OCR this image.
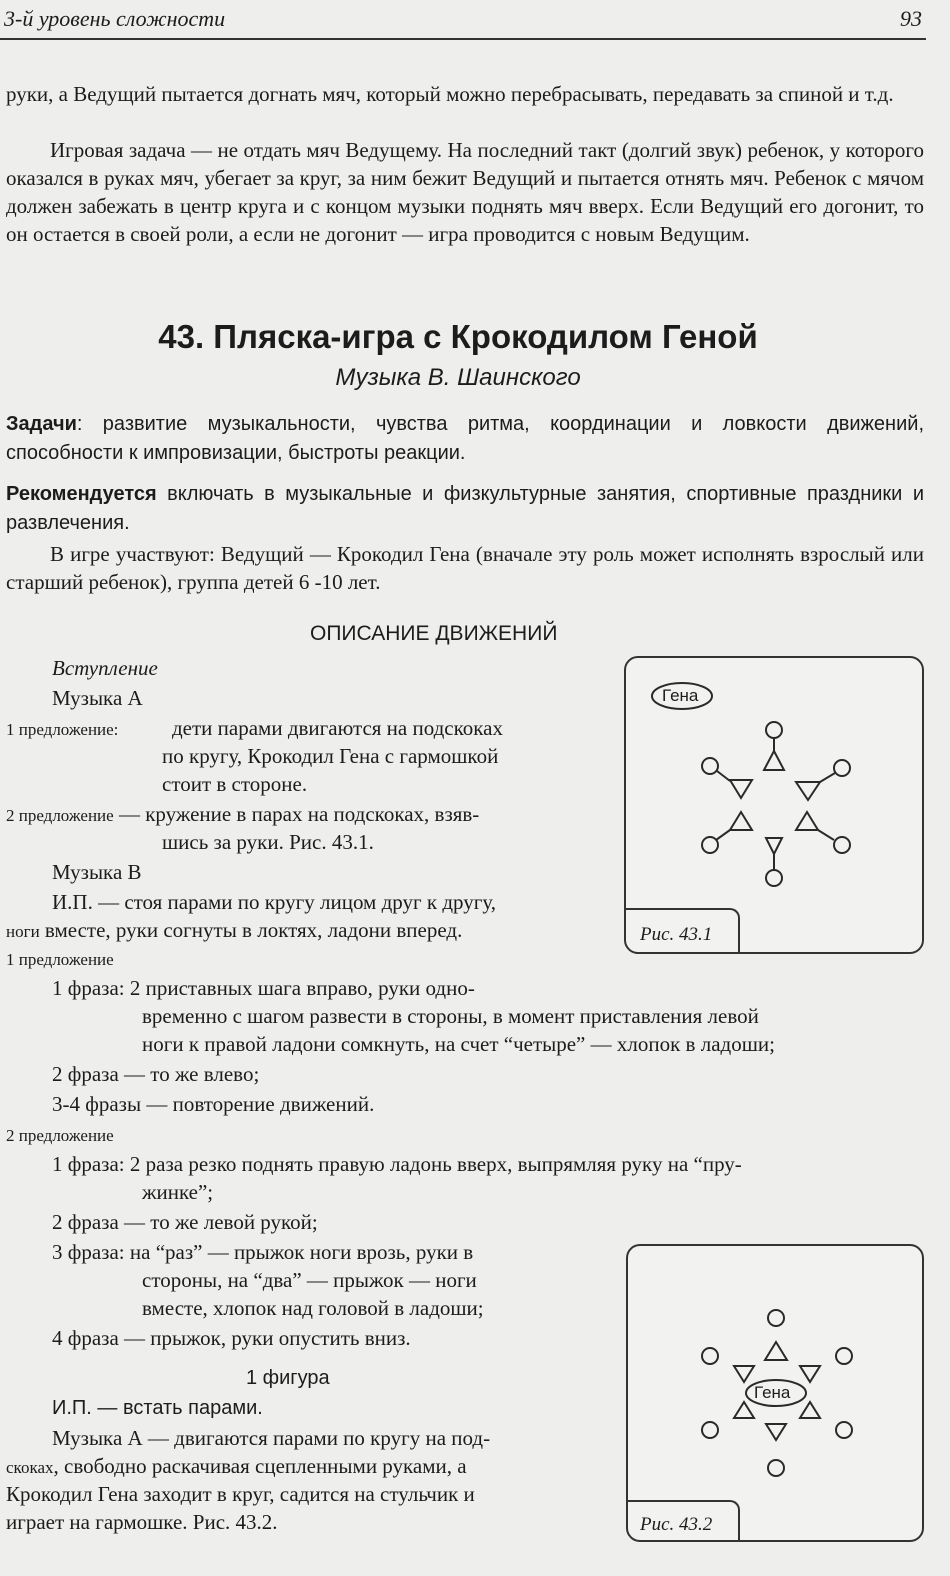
3-й уровень сложности	93
руки, а Ведущий пытается догнать мяч, который можно перебрасывать, передавать за спиной и т.д.
Игровая задача — не отдать мяч Ведущему. На последний такт (долгий звук) ребенок, у которого оказался в руках мяч, убегает за круг, за ним бежит Ведущий и пытается отнять мяч. Ребенок с мячом должен забежать в центр круга и с концом музыки поднять мяч вверх. Если Ведущий его догонит, то он остается в своей роли, а если не догонит — игра проводится с новым Ведущим.
43. Пляска-игра с Крокодилом Геной
Музыка В. Шаинского
Задачи: развитие музыкальности, чувства ритма, координации и ловкости движений, способности к импровизации, быстроты реакции.
Рекомендуется включать в музыкальные и физкультурные занятия, спортивные праздники и развлечения.
В игре участвуют: Ведущий — Крокодил Гена (вначале эту роль может исполнять взрослый или старший ребенок), группа детей 6 -10 лет.
ОПИСАНИЕ ДВИЖЕНИЙ
Вступление
Музыка А
1 предложение:	дети парами двигаются на подскоках
по кругу, Крокодил Гена с гармошкой
стоит в стороне.
2 предложение — кружение в парах на подскоках, взяв-
шись за руки. Рис. 43.1.
Музыка В
И.П. — стоя парами по кругу лицом друг к другу,
ноги вместе, руки согнуты в локтях, ладони вперед.
1 предложение
1 фраза: 2 приставных шага вправо, руки одно-
временно с шагом развести в стороны, в момент приставления левой
ноги к правой ладони сомкнуть, на счет “четыре” — хлопок в ладоши;
2 фраза — то же влево;
3-4 фразы — повторение движений.
2 предложение
1 фраза: 2 раза резко поднять правую ладонь вверх, выпрямляя руку на “пру-
жинке”;
2 фраза — то же левой рукой;
3 фраза: на “раз” — прыжок ноги врозь, руки в
стороны, на “два” — прыжок — ноги
вместе, хлопок над головой в ладоши;
4 фраза — прыжок, руки опустить вниз.
1 фигура
И.П. — встать парами.
Музыка А — двигаются парами по кругу на под-
скоках, свободно раскачивая сцепленными руками, а
Крокодил Гена заходит в круг, садится на стульчик и
играет на гармошке. Рис. 43.2.
Гена
Рис. 43.1
Гена
Рис. 43.2
